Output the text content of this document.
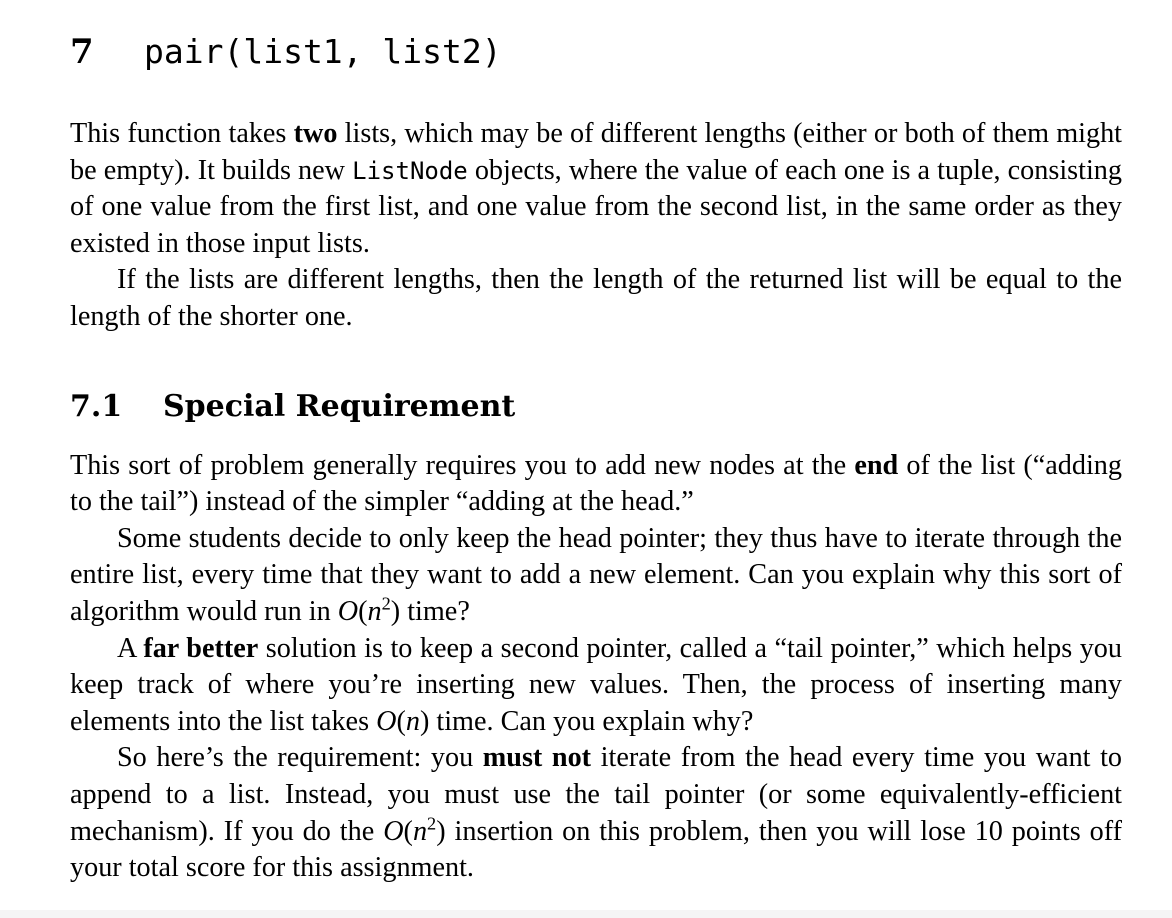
7 pair(list1, list2)

This function takes two lists, which may be of different lengths (either or both of them might be empty). It builds new ListNode objects, where the value of each one is a tuple, consisting of one value from the first list, and one value from the second list, in the same order as they existed in those input lists.

If the lists are different lengths, then the length of the returned list will be equal to the length of the shorter one.

7.1 Special Requirement

This sort of problem generally requires you to add new nodes at the end of the list (“adding to the tail”) instead of the simpler “adding at the head.”

Some students decide to only keep the head pointer; they thus have to iterate through the entire list, every time that they want to add a new element. Can you explain why this sort of algorithm would run in $O(n^2)$ time?

A far better solution is to keep a second pointer, called a “tail pointer,” which helps you keep track of where you’re inserting new values. Then, the process of inserting many elements into the list takes O(n) time. Can you explain why?

So here’s the requirement: you must not iterate from the head every time you want to append to a list. Instead, you must use the tail pointer (or some equivalently-efficient mechanism). If you do the $O(n^2)$ insertion on this problem, then you will lose 10 points off your total score for this assignment.
